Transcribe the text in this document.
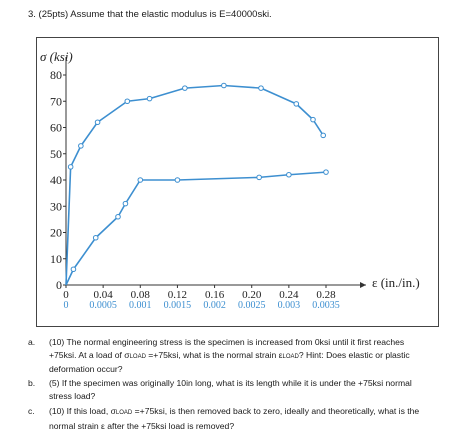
3. (25pts) Assume that the elastic modulus is E=40000ski.
0
10
20
30
40
50
60
70
80
0 0.04 0.08 0.12 0.16 0.20 0.24 0.28
0 0.0005 0.001 0.0015 0.002 0.0025 0.003 0.0035
σ (ksi)
ε (in./in.)
a. (10) The normal engineering stress is the specimen is increased from 0ksi until it first reaches
+75ksi. At a load of σLOAD =+75ksi, what is the normal strain εLOAD? Hint: Does elastic or plastic
deformation occur?
b. (5) If the specimen was originally 10in long, what is its length while it is under the +75ksi normal
stress load?
c. (10) If this load, σLOAD =+75ksi, is then removed back to zero, ideally and theoretically, what is the
normal strain ε after the +75ksi load is removed?
